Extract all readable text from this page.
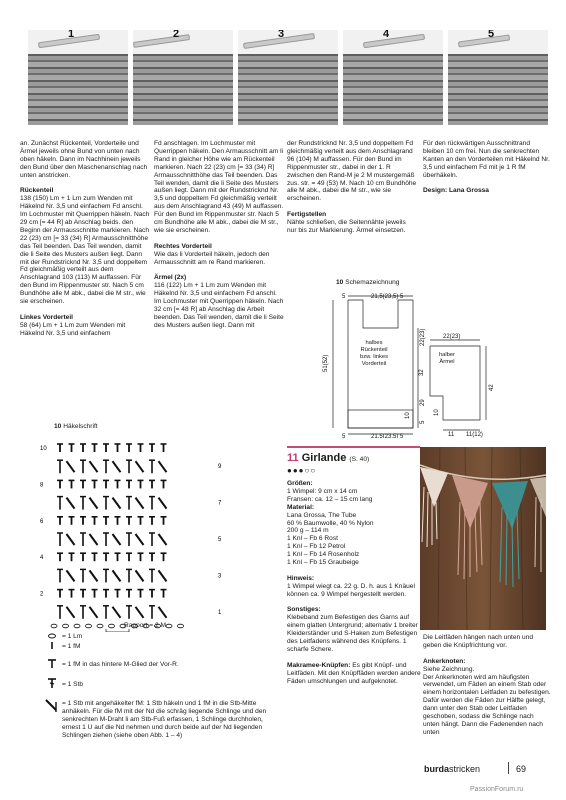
1	2	3	4	5

an. Zunächst Rückenteil, Vorderteile und Ärmel jeweils ohne Bund von unten nach oben häkeln. Dann im Nachhinein jeweils den Bund über den Maschenanschlag nach unten anstricken.

Rückenteil

138 (150) Lm + 1 Lm zum Wenden mit Häkelnd Nr. 3,5 und einfachem Fd anschl. Im Lochmuster mit Querrippen häkeln. Nach 29 cm [= 44 R] ab Anschlag beids. den Beginn der Armausschnitte markieren. Nach 22 (23) cm [= 33 (34) R] Armausschnitthöhe das Teil beenden. Das Teil wenden, damit die li Seite des Musters außen liegt. Dann mit der Rundstricknd Nr. 3,5 und doppeltem Fd gleichmäßig verteilt aus dem Anschlagrand 103 (113) M auffassen. Für den Bund im Rippenmuster str. Nach 5 cm Bundhöhe alle M abk., dabei die M str., wie sie erscheinen.

Linkes Vorderteil

58 (64) Lm + 1 Lm zum Wenden mit Häkelnd Nr. 3,5 und einfachem

Fd anschlagen. Im Lochmuster mit Querrippen häkeln. Den Armausschnitt am li Rand in gleicher Höhe wie am Rückenteil markieren. Nach 22 (23) cm [= 33 (34) R] Armausschnitthöhe das Teil beenden. Das Teil wenden, damit die li Seite des Musters außen liegt. Dann mit der Rundstricknd Nr. 3,5 und doppeltem Fd gleichmäßig verteilt aus dem Anschlagrand 43 (49) M auffassen. Für den Bund im Rippenmuster str. Nach 5 cm Bundhöhe alle M abk., dabei die M str., wie sie erscheinen.

Rechtes Vorderteil

Wie das li Vorderteil häkeln, jedoch den Armausschnitt am re Rand markieren.

Ärmel (2x)

116 (122) Lm + 1 Lm zum Wenden mit Häkelnd Nr. 3,5 und einfachem Fd anschl. Im Lochmuster mit Querrippen häkeln. Nach 32 cm [= 48 R] ab Anschlag die Arbeit beenden. Das Teil wenden, damit die li Seite des Musters außen liegt. Dann mit

der Rundstricknd Nr. 3,5 und doppeltem Fd gleichmäßig verteilt aus dem Anschlagrand 96 (104) M auffassen. Für den Bund im Rippenmuster str., dabei in der 1. R zwischen den Rand-M je 2 M mustergemäß zus. str. = 49 (53) M. Nach 10 cm Bundhöhe alle M abk., dabei die M str., wie sie erscheinen.

Fertigstellen

Nähte schließen, die Seitennähte jeweils nur bis zur Markierung. Ärmel einsetzen.

Für den rückwärtigen Ausschnittrand bleiben 10 cm frei. Nun die senkrechten Kanten an den Vorderteilen mit Häkelnd Nr. 3,5 und einfachem Fd mit je 1 R fM überhäkeln.

Design: Lana Grossa

10 Schemazeichnung
5	21,5(23,5) 5
51(52)
22(23)
29
5
10
5	21,5(23,5) 5
22(23)
42
32
10
11 11(12)
halbes Rückenteil bzw. linkes Vorderteil
halber Ärmel
10 Häkelschrift
10
8
6
4
2
9
7
5
3
1
Rapport = 2 M
= 1 Lm
= 1 fM
= 1 fM in das hintere M-Glied der Vor-R.
= 1 Stb
= 1 Stb mit angehäkelter fM: 1 Stb häkeln und 1 fM in die Stb-Mitte anhäkeln. Für die fM mit der Nd die schräg liegende Schlinge und den senkrechten M-Draht li am Stb-Fuß erfassen, 1 Schlinge durchholen, ernest 1 U auf die Nd nehmen und durch beide auf der Nd liegenden Schlingen ziehen (siehe oben Abb. 1 – 4)
11 Girlande (S. 40)
●●●○○

Größen:

1 Wimpel: 9 cm x 14 cm
Fransen: ca. 12 – 15 cm lang

Material:

Lana Grossa, The Tube
60 % Baumwolle, 40 % Nylon
200 g – 114 m
1 Knl – Fb 6 Rost
1 Knl – Fb 12 Petrol
1 Knl – Fb 14 Rosenholz
1 Knl – Fb 15 Graubeige

Hinweis:

1 Wimpel wiegt ca. 22 g. D. h. aus 1 Knäuel können ca. 9 Wimpel hergestellt werden.

Sonstiges:

Klebeband zum Befestigen des Garns auf einem glatten Untergrund; alternativ 1 breiter Kleiderständer und S-Haken zum Befestigen des Leitfadens während des Knüpfens. 1 scharfe Schere.

Makramee-Knüpfen: Es gibt Knüpf- und Leitfäden. Mit den Knüpffäden werden andere Fäden umschlungen und aufgeknotet.

Die Leitfäden hängen nach unten und geben die Knüpfrichtung vor.

Ankerknoten:

Siehe Zeichnung.

Der Ankerknoten wird am häufigsten verwendet, um Fäden an einem Stab oder einem horizontalen Leitfaden zu befestigen. Dafür werden die Fäden zur Hälfte gelegt, dann unter den Stab oder Leitfaden geschoben, sodass die Schlinge nach unten hängt. Dann die Fadenenden nach unten

burdastricken	69
PassionForum.ru
